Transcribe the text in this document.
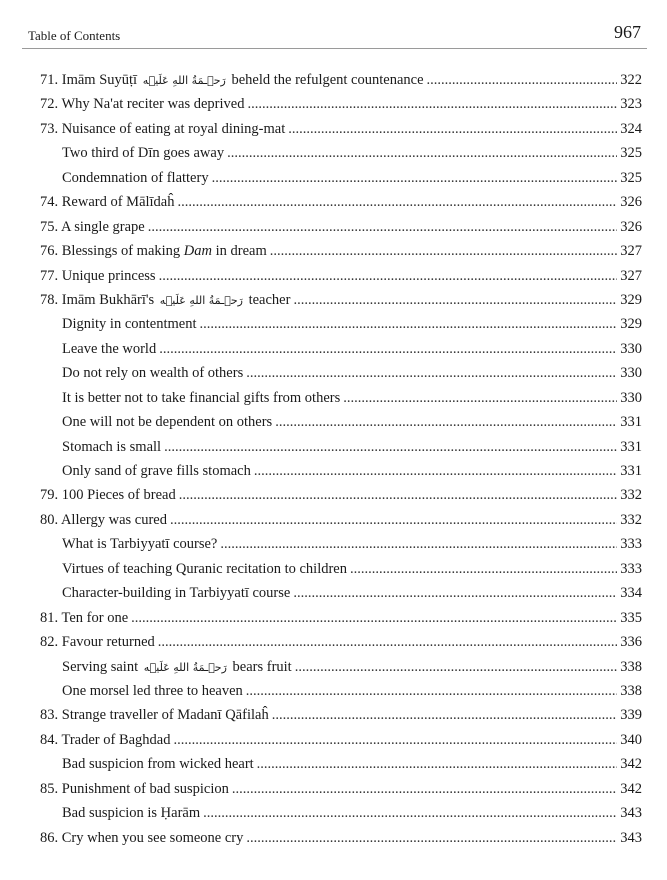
Table of Contents	967
71. Imām Suyūṭī رَحۡـمَةُ اللهِ عَلَيۡه beheld the refulgent countenance .....	322
72. Why Na'at reciter was deprived .....	323
73. Nuisance of eating at royal dining-mat .....	324
Two third of Dīn goes away .....	325
Condemnation of flattery .....	325
74. Reward of Mālīdaĥ .....	326
75. A single grape .....	326
76. Blessings of making Dam in dream .....	327
77. Unique princess .....	327
78. Imām Bukhārī's رَحۡـمَةُ اللهِ عَلَيۡه teacher .....	329
Dignity in contentment .....	329
Leave the world .....	330
Do not rely on wealth of others .....	330
It is better not to take financial gifts from others .....	330
One will not be dependent on others .....	331
Stomach is small .....	331
Only sand of grave fills stomach .....	331
79. 100 Pieces of bread .....	332
80. Allergy was cured .....	332
What is Tarbiyyatī course? .....	333
Virtues of teaching Quranic recitation to children .....	333
Character-building in Tarbiyyatī course .....	334
81. Ten for one .....	335
82. Favour returned .....	336
Serving saint رَحۡـمَةُ اللهِ عَلَيۡه bears fruit .....	338
One morsel led three to heaven .....	338
83. Strange traveller of Madanī Qāfilaĥ .....	339
84. Trader of Baghdad .....	340
Bad suspicion from wicked heart .....	342
85. Punishment of bad suspicion .....	342
Bad suspicion is Ḥarām .....	343
86. Cry when you see someone cry .....	343
